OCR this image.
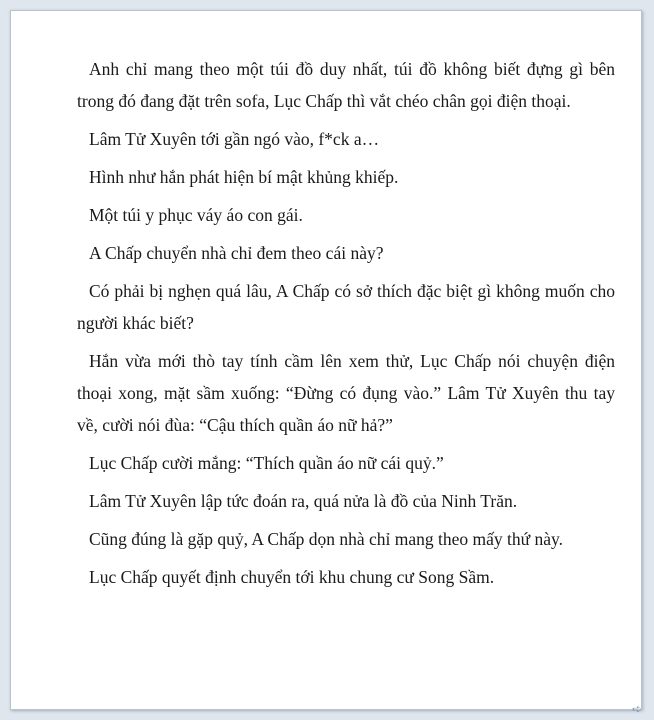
Anh chỉ mang theo một túi đồ duy nhất, túi đồ không biết đựng gì bên trong đó đang đặt trên sofa, Lục Chấp thì vắt chéo chân gọi điện thoại.

Lâm Tử Xuyên tới gần ngó vào, f*ck a…

Hình như hắn phát hiện bí mật khủng khiếp.

Một túi y phục váy áo con gái.

A Chấp chuyển nhà chỉ đem theo cái này?

Có phải bị nghẹn quá lâu, A Chấp có sở thích đặc biệt gì không muốn cho người khác biết?

Hắn vừa mới thò tay tính cầm lên xem thử, Lục Chấp nói chuyện điện thoại xong, mặt sầm xuống: “Đừng có đụng vào.” Lâm Tử Xuyên thu tay về, cười nói đùa: “Cậu thích quần áo nữ hả?”

Lục Chấp cười mắng: “Thích quần áo nữ cái quỷ.”

Lâm Tử Xuyên lập tức đoán ra, quá nửa là đồ của Ninh Trăn.

Cũng đúng là gặp quỷ, A Chấp dọn nhà chỉ mang theo mấy thứ này.

Lục Chấp quyết định chuyển tới khu chung cư Song Sầm.

➪
